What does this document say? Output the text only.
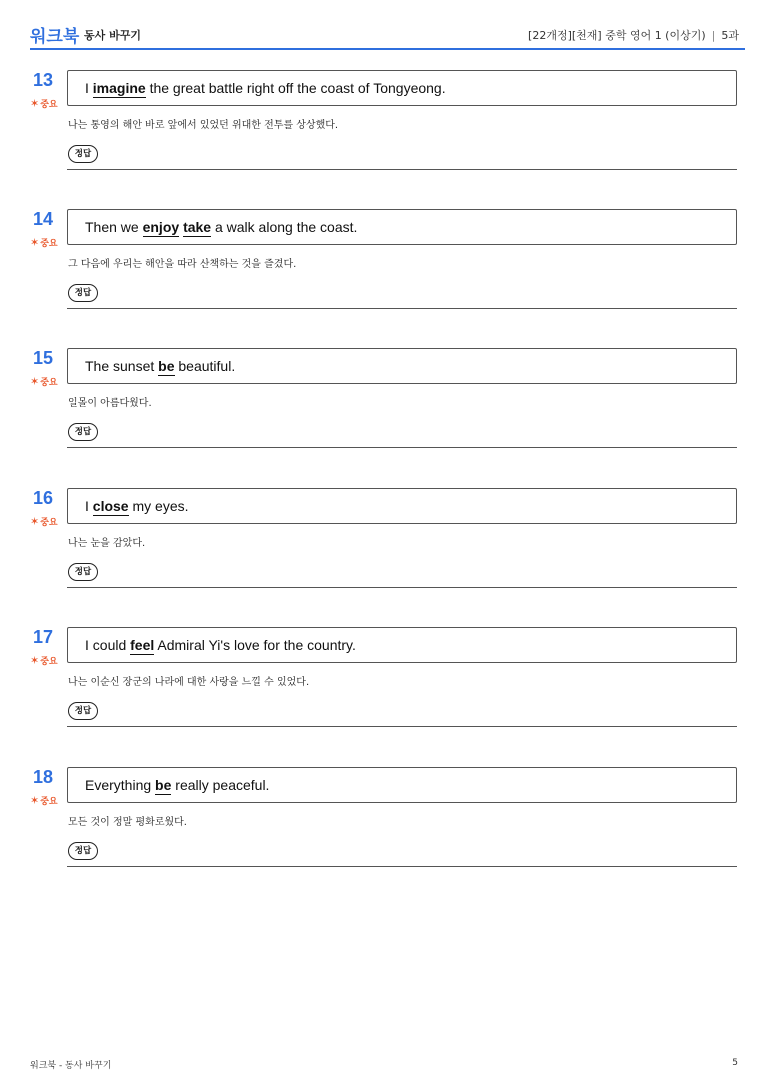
워크북 동사 바꾸기	[22개정][천재] 중학 영어 1 (이상기) | 5과
13
✶중요
I imagine the great battle right off the coast of Tongyeong.
나는 통영의 해안 바로 앞에서 있었던 위대한 전투를 상상했다.
정답
14
✶중요
Then we enjoy take a walk along the coast.
그 다음에 우리는 해안을 따라 산책하는 것을 즐겼다.
정답
15
✶중요
The sunset be beautiful.
일몰이 아름다웠다.
정답
16
✶중요
I close my eyes.
나는 눈을 감았다.
정답
17
✶중요
I could feel Admiral Yi's love for the country.
나는 이순신 장군의 나라에 대한 사랑을 느낄 수 있었다.
정답
18
✶중요
Everything be really peaceful.
모든 것이 정말 평화로웠다.
정답
워크북 - 동사 바꾸기	5
